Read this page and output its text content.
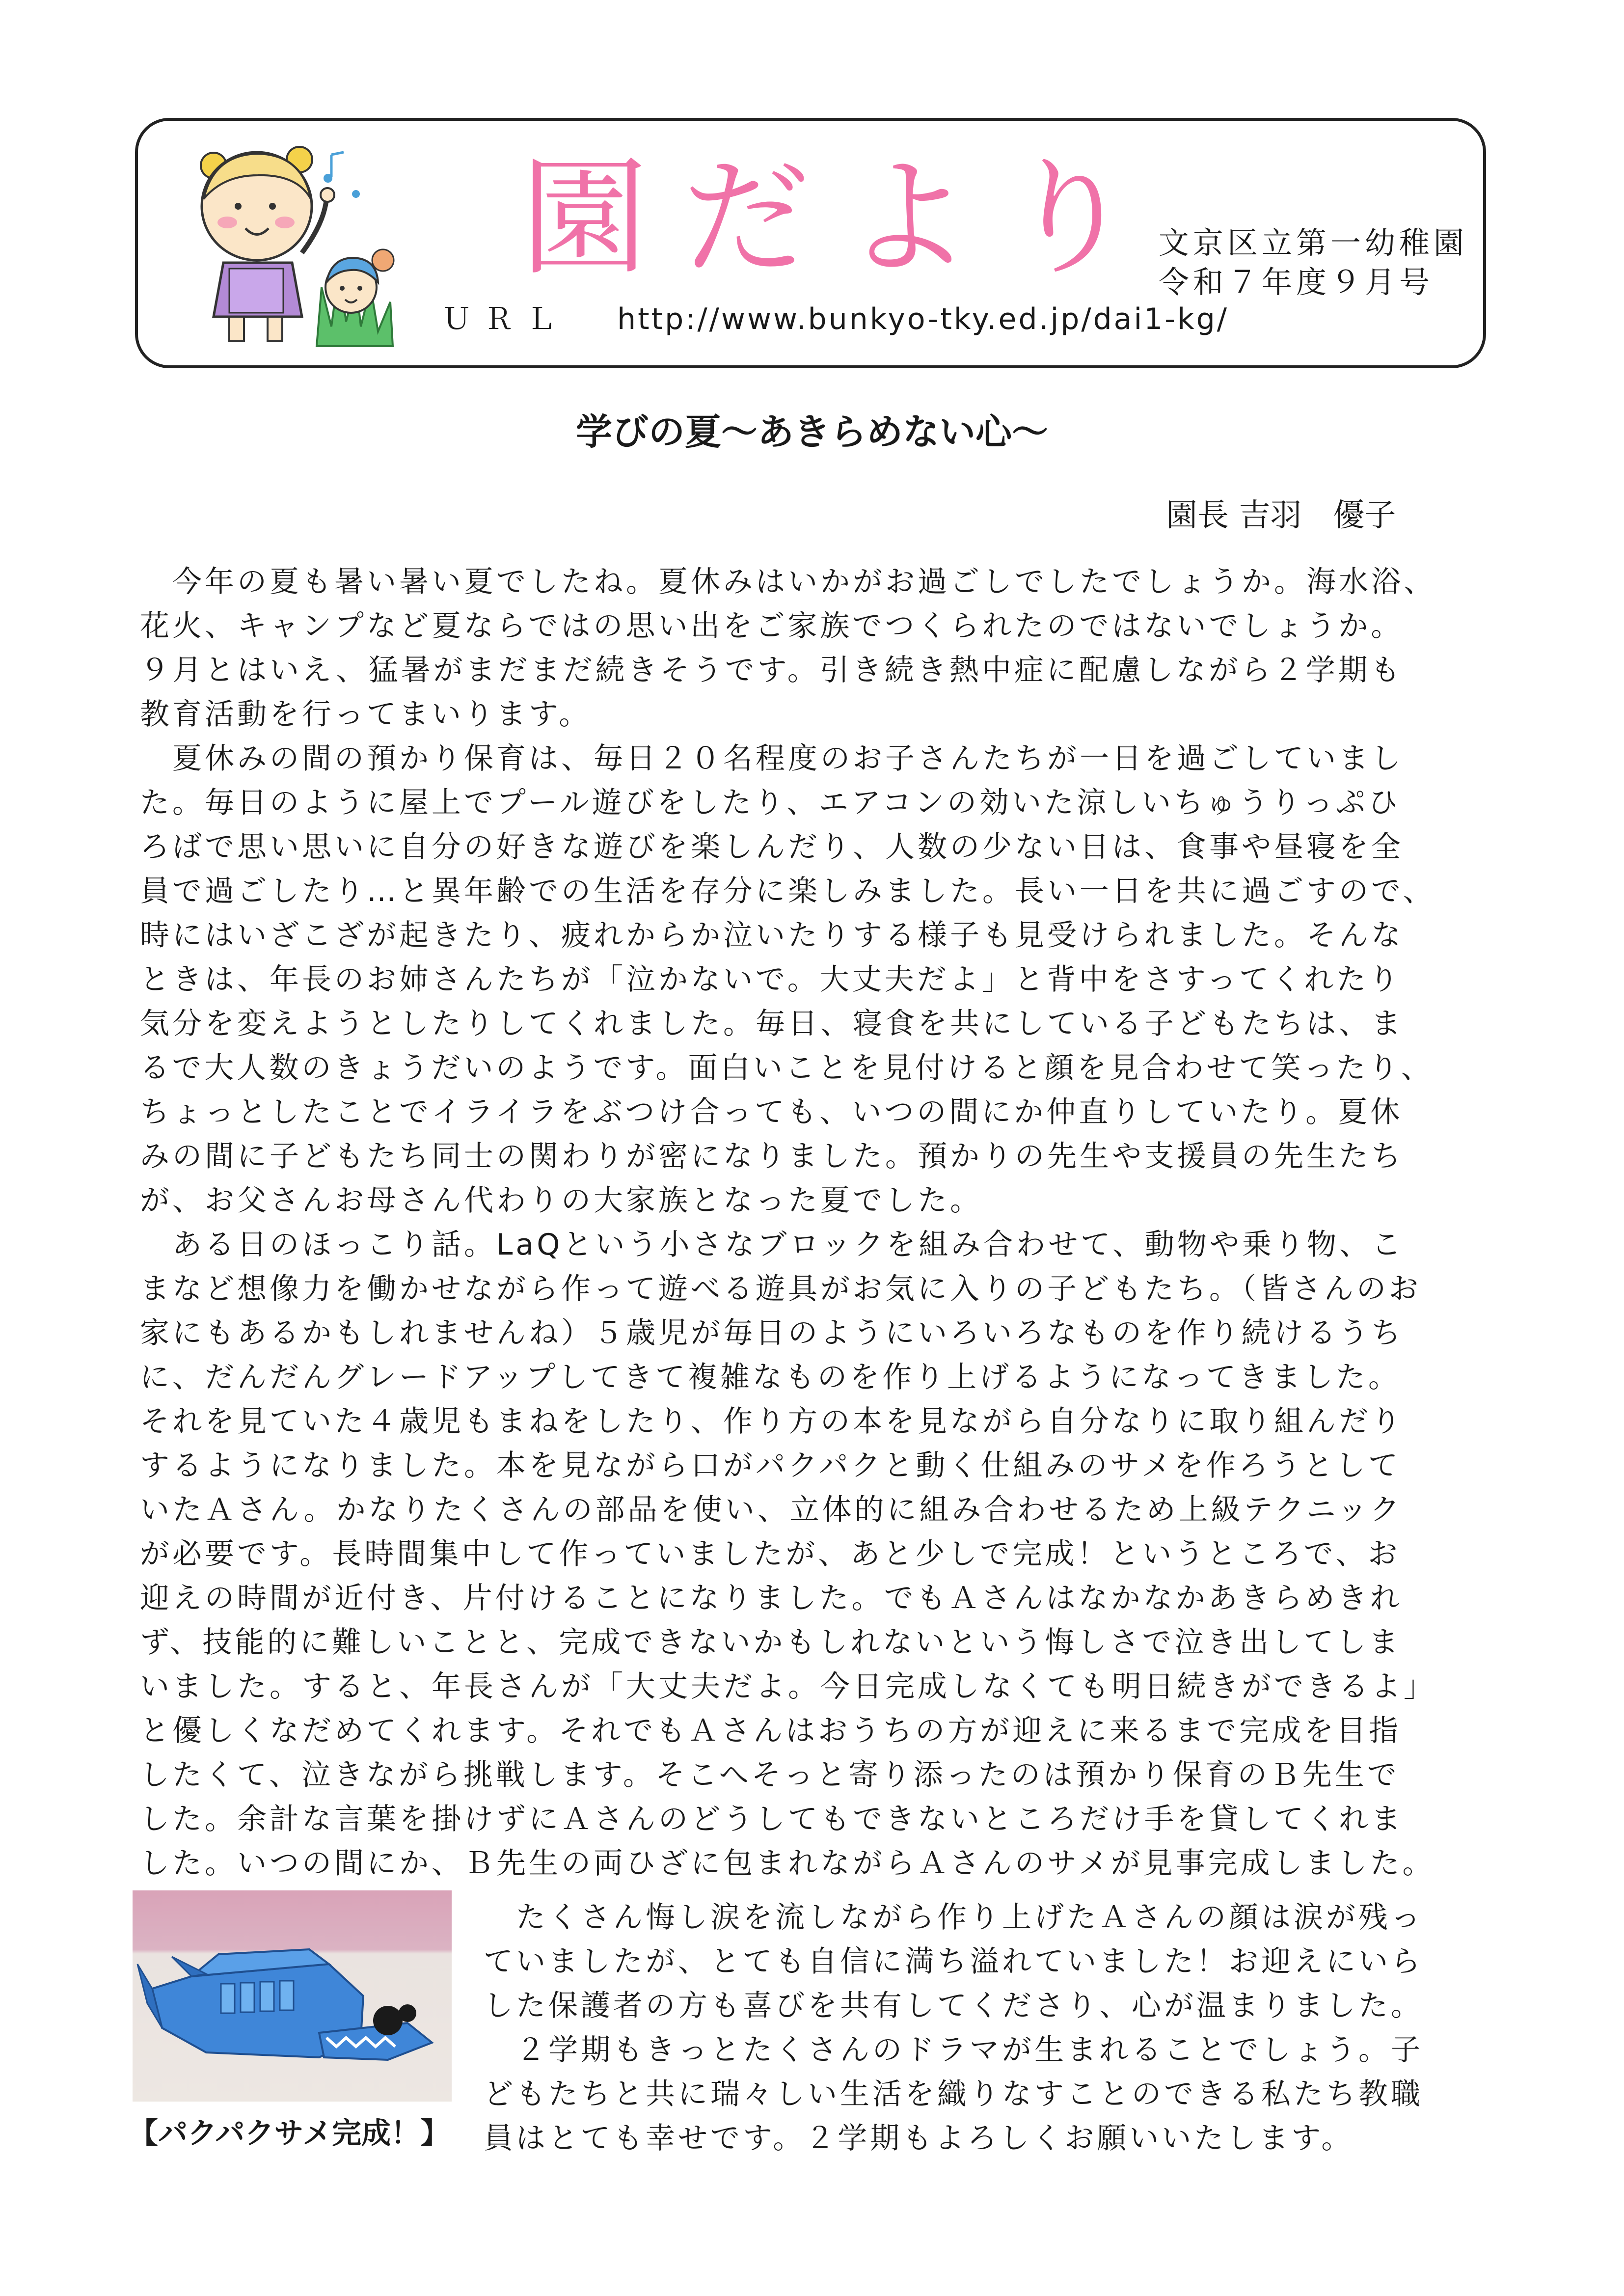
園だより
文京区立第一幼稚園
令和７年度９月号
ＵＲＬ http://www.bunkyo-tky.ed.jp/dai1-kg/
学びの夏～あきらめない心～
園長 吉羽　優子
　今年の夏も暑い暑い夏でしたね。夏休みはいかがお過ごしでしたでしょうか。海水浴、
花火、キャンプなど夏ならではの思い出をご家族でつくられたのではないでしょうか。
９月とはいえ、猛暑がまだまだ続きそうです。引き続き熱中症に配慮しながら２学期も
教育活動を行ってまいります。
　夏休みの間の預かり保育は、毎日２０名程度のお子さんたちが一日を過ごしていまし
た。毎日のように屋上でプール遊びをしたり、エアコンの効いた涼しいちゅうりっぷひ
ろばで思い思いに自分の好きな遊びを楽しんだり、人数の少ない日は、食事や昼寝を全
員で過ごしたり…と異年齢での生活を存分に楽しみました。長い一日を共に過ごすので、
時にはいざこざが起きたり、疲れからか泣いたりする様子も見受けられました。そんな
ときは、年長のお姉さんたちが「泣かないで。大丈夫だよ」と背中をさすってくれたり
気分を変えようとしたりしてくれました。毎日、寝食を共にしている子どもたちは、ま
るで大人数のきょうだいのようです。面白いことを見付けると顔を見合わせて笑ったり、
ちょっとしたことでイライラをぶつけ合っても、いつの間にか仲直りしていたり。夏休
みの間に子どもたち同士の関わりが密になりました。預かりの先生や支援員の先生たち
が、お父さんお母さん代わりの大家族となった夏でした。
　ある日のほっこり話。LaQという小さなブロックを組み合わせて、動物や乗り物、こ
まなど想像力を働かせながら作って遊べる遊具がお気に入りの子どもたち。（皆さんのお
家にもあるかもしれませんね）５歳児が毎日のようにいろいろなものを作り続けるうち
に、だんだんグレードアップしてきて複雑なものを作り上げるようになってきました。
それを見ていた４歳児もまねをしたり、作り方の本を見ながら自分なりに取り組んだり
するようになりました。本を見ながら口がパクパクと動く仕組みのサメを作ろうとして
いたＡさん。かなりたくさんの部品を使い、立体的に組み合わせるため上級テクニック
が必要です。長時間集中して作っていましたが、あと少しで完成！というところで、お
迎えの時間が近付き、片付けることになりました。でもＡさんはなかなかあきらめきれ
ず、技能的に難しいことと、完成できないかもしれないという悔しさで泣き出してしま
いました。すると、年長さんが「大丈夫だよ。今日完成しなくても明日続きができるよ」
と優しくなだめてくれます。それでもＡさんはおうちの方が迎えに来るまで完成を目指
したくて、泣きながら挑戦します。そこへそっと寄り添ったのは預かり保育のＢ先生で
した。余計な言葉を掛けずにＡさんのどうしてもできないところだけ手を貸してくれま
した。いつの間にか、Ｂ先生の両ひざに包まれながらＡさんのサメが見事完成しました。
【パクパクサメ完成！】
　たくさん悔し涙を流しながら作り上げたＡさんの顔は涙が残っ
ていましたが、とても自信に満ち溢れていました！お迎えにいら
した保護者の方も喜びを共有してくださり、心が温まりました。
　２学期もきっとたくさんのドラマが生まれることでしょう。子
どもたちと共に瑞々しい生活を織りなすことのできる私たち教職
員はとても幸せです。２学期もよろしくお願いいたします。
